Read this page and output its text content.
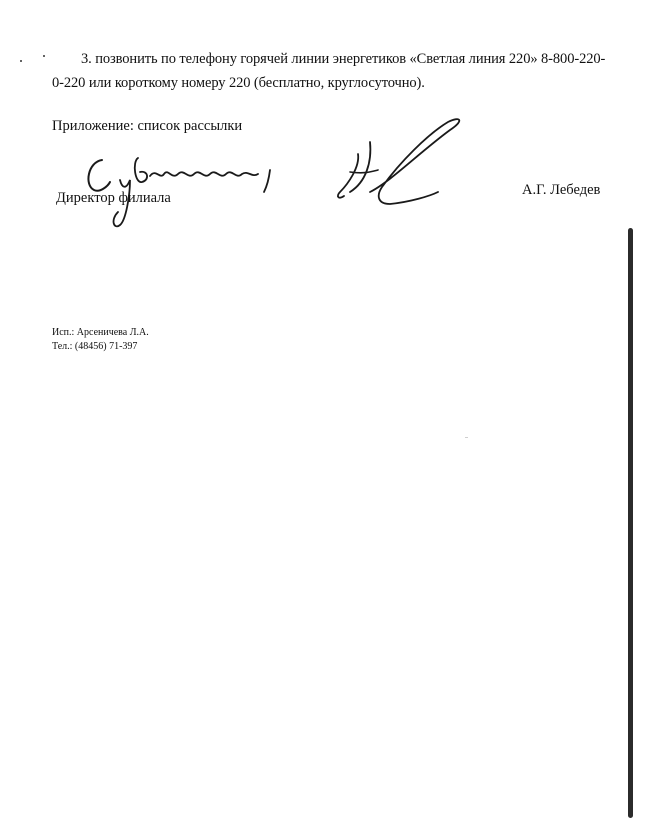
3. позвонить по телефону горячей линии энергетиков «Светлая линия 220» 8-800-220-0-220 или короткому номеру 220 (бесплатно, круглосуточно).

Приложение: список рассылки

Директор филиала	А.Г. Лебедев

Исп.: Арсеничева Л.А.
Тел.: (48456) 71-397
